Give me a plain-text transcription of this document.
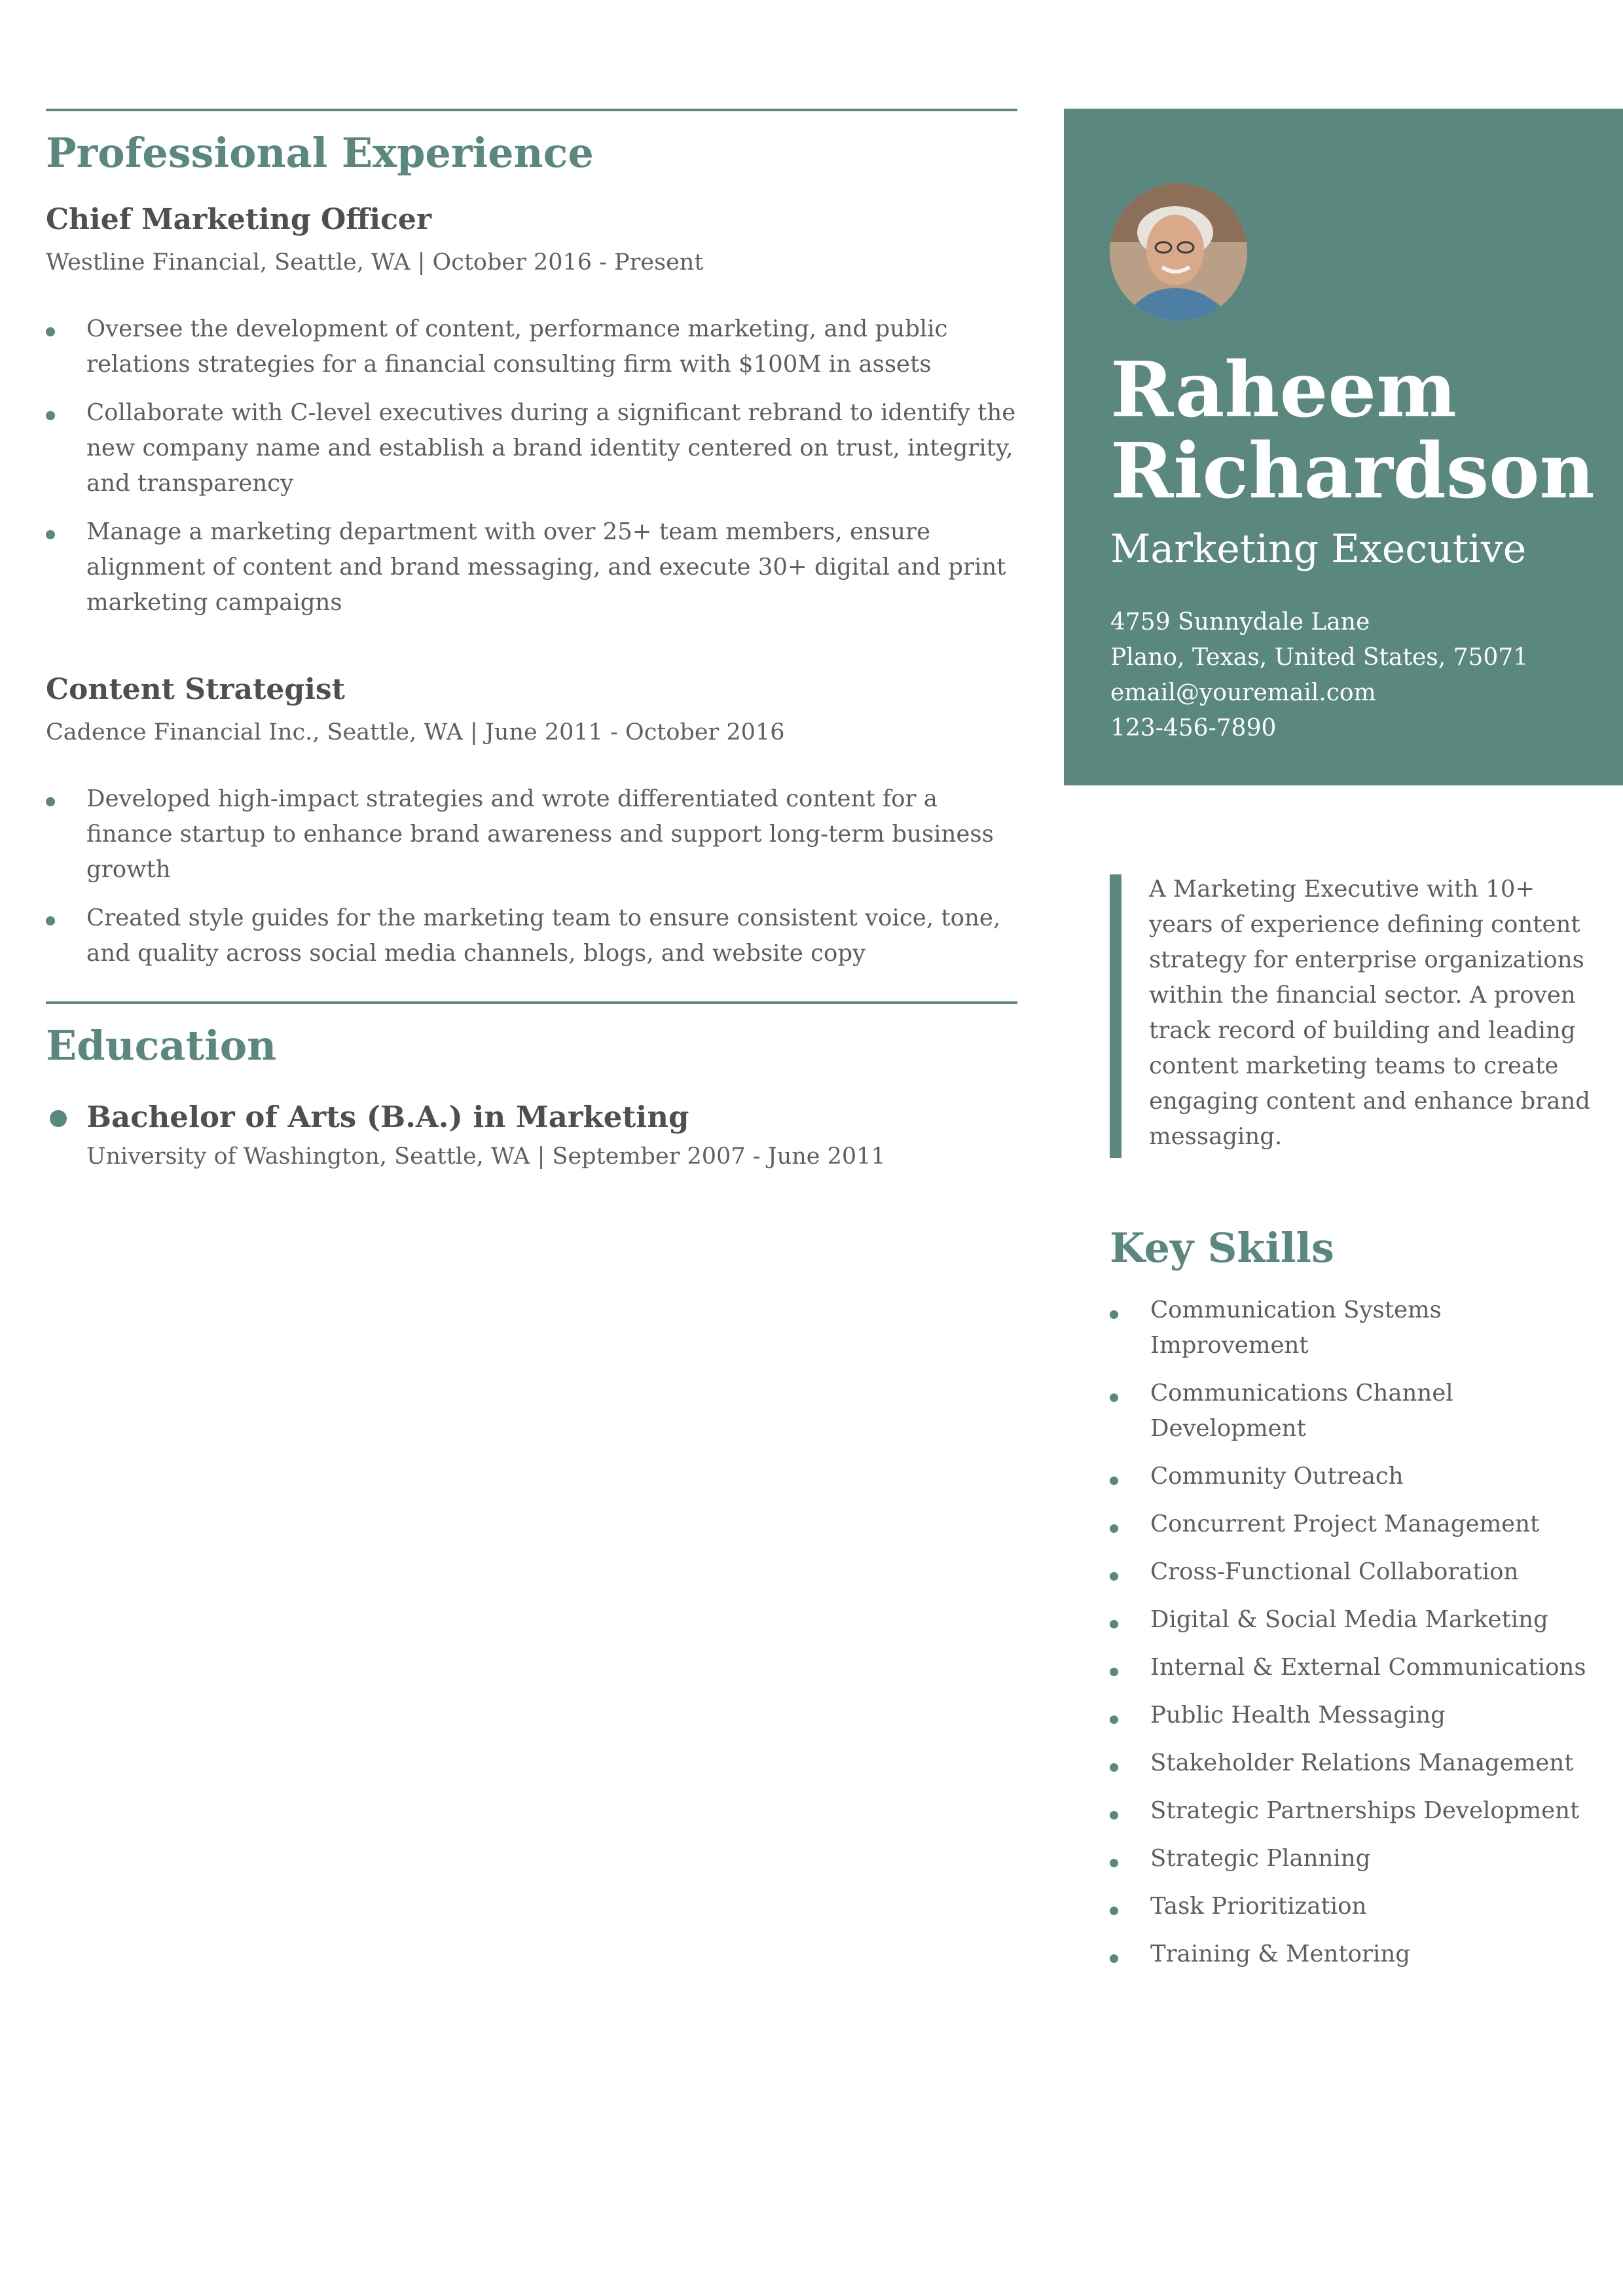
Professional Experience
Chief Marketing Officer

Westline Financial, Seattle, WA | October 2016 - Present

Oversee the development of content, performance marketing, and public relations strategies for a financial consulting firm with $100M in assets
Collaborate with C-level executives during a significant rebrand to identify the new company name and establish a brand identity centered on trust, integrity, and transparency
Manage a marketing department with over 25+ team members, ensure alignment of content and brand messaging, and execute 30+ digital and print marketing campaigns
Content Strategist

Cadence Financial Inc., Seattle, WA | June 2011 - October 2016

Developed high-impact strategies and wrote differentiated content for a finance startup to enhance brand awareness and support long-term business growth
Created style guides for the marketing team to ensure consistent voice, tone, and quality across social media channels, blogs, and website copy
Education
Bachelor of Arts (B.A.) in Marketing

University of Washington, Seattle, WA | September 2007 - June 2011

Raheem
Richardson

Marketing Executive

4759 Sunnydale Lane
Plano, Texas, United States, 75071
email@youremail.com
123-456-7890

A Marketing Executive with 10+ years of experience defining content strategy for enterprise organizations within the financial sector. A proven track record of building and leading content marketing teams to create engaging content and enhance brand messaging.

Key Skills
Communication Systems Improvement
Communications Channel Development
Community Outreach
Concurrent Project Management
Cross-Functional Collaboration
Digital & Social Media Marketing
Internal & External Communications
Public Health Messaging
Stakeholder Relations Management
Strategic Partnerships Development
Strategic Planning
Task Prioritization
Training & Mentoring
